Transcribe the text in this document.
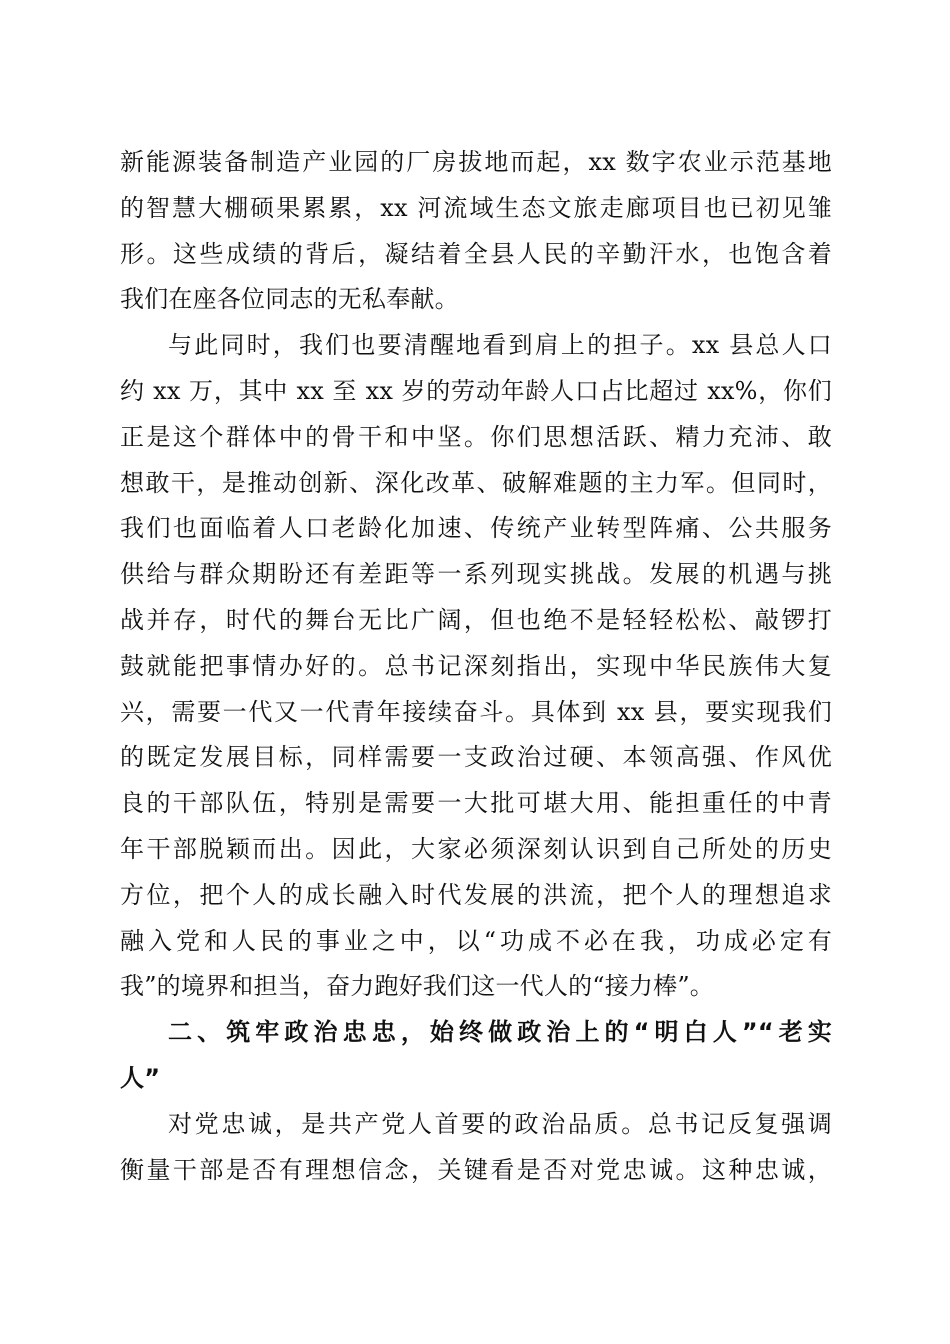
新能源装备制造产业园的厂房拔地而起，xx 数字农业示范基地
的智慧大棚硕果累累，xx 河流域生态文旅走廊项目也已初见雏
形。这些成绩的背后，凝结着全县人民的辛勤汗水，也饱含着
我们在座各位同志的无私奉献。
与此同时，我们也要清醒地看到肩上的担子。xx 县总人口
约 xx 万，其中 xx 至 xx 岁的劳动年龄人口占比超过 xx%，你们
正是这个群体中的骨干和中坚。你们思想活跃、精力充沛、敢
想敢干，是推动创新、深化改革、破解难题的主力军。但同时，
我们也面临着人口老龄化加速、传统产业转型阵痛、公共服务
供给与群众期盼还有差距等一系列现实挑战。发展的机遇与挑
战并存，时代的舞台无比广阔，但也绝不是轻轻松松、敲锣打
鼓就能把事情办好的。总书记深刻指出，实现中华民族伟大复
兴，需要一代又一代青年接续奋斗。具体到 xx 县，要实现我们
的既定发展目标，同样需要一支政治过硬、本领高强、作风优
良的干部队伍，特别是需要一大批可堪大用、能担重任的中青
年干部脱颖而出。因此，大家必须深刻认识到自己所处的历史
方位，把个人的成长融入时代发展的洪流，把个人的理想追求
融入党和人民的事业之中，以“功成不必在我，功成必定有
我”的境界和担当，奋力跑好我们这一代人的“接力棒”。
二、筑牢政治忠忠，始终做政治上的“明白人”“老实
人”
对党忠诚，是共产党人首要的政治品质。总书记反复强调
衡量干部是否有理想信念，关键看是否对党忠诚。这种忠诚，
